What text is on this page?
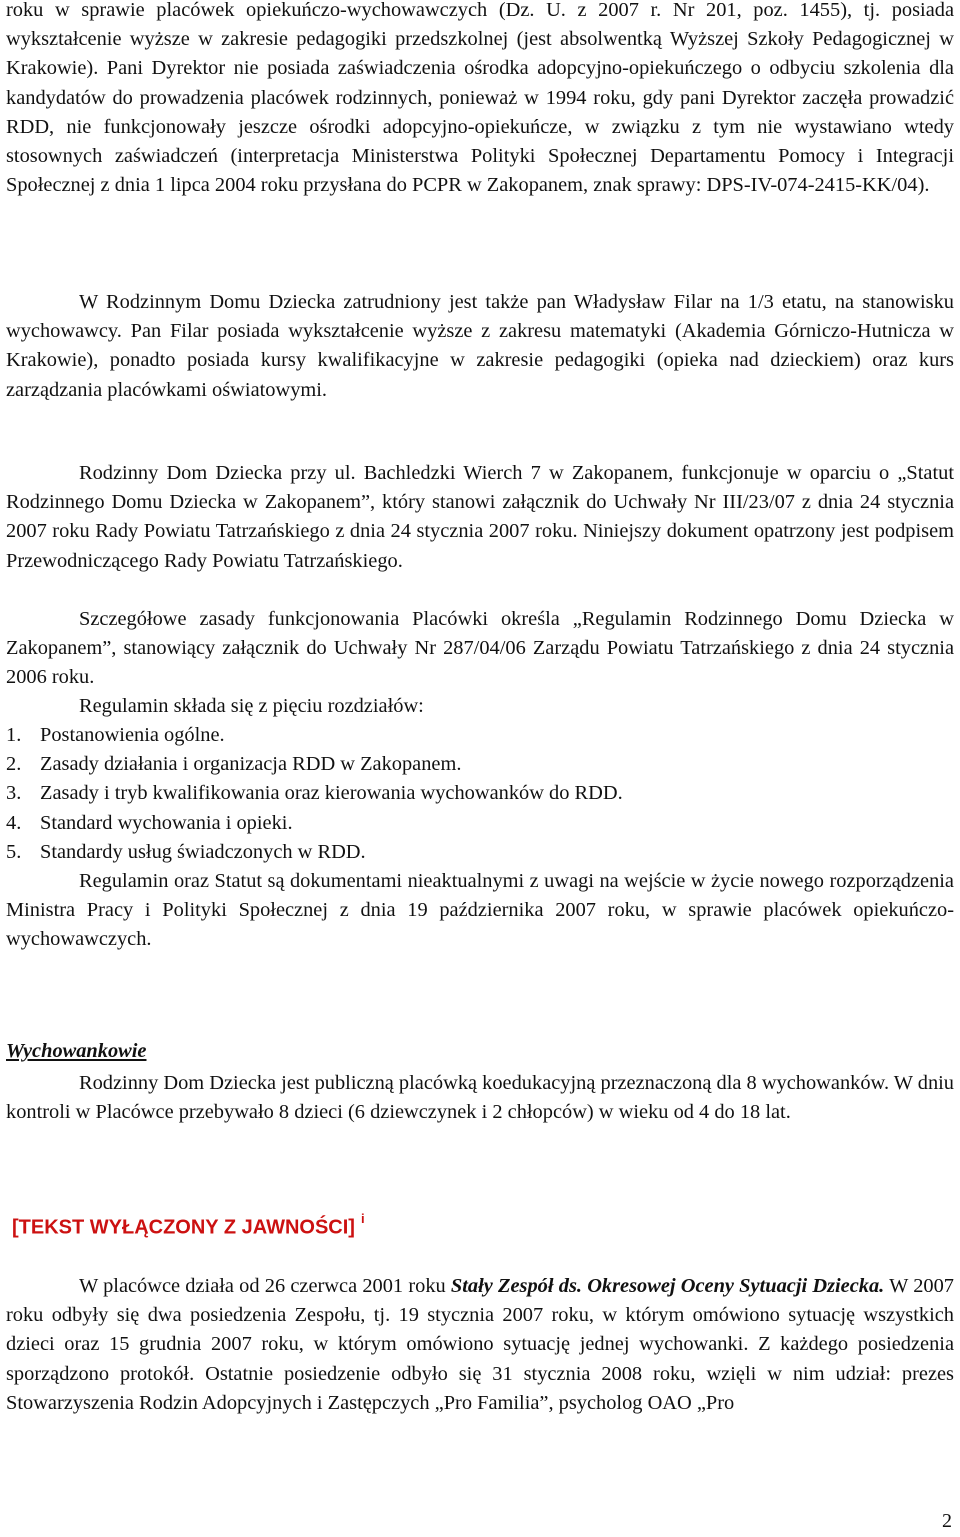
roku w sprawie placówek opiekuńczo-wychowawczych (Dz. U. z 2007 r. Nr 201, poz. 1455), tj. posiada wykształcenie wyższe w zakresie pedagogiki przedszkolnej (jest absolwentką Wyższej Szkoły Pedagogicznej w Krakowie). Pani Dyrektor nie posiada zaświadczenia ośrodka adopcyjno-opiekuńczego o odbyciu szkolenia dla kandydatów do prowadzenia placówek rodzinnych, ponieważ w 1994 roku, gdy pani Dyrektor zaczęła prowadzić RDD, nie funkcjonowały jeszcze ośrodki adopcyjno-opiekuńcze, w związku z tym nie wystawiano wtedy stosownych zaświadczeń (interpretacja Ministerstwa Polityki Społecznej Departamentu Pomocy i Integracji Społecznej z dnia 1 lipca 2004 roku przysłana do PCPR w Zakopanem, znak sprawy: DPS-IV-074-2415-KK/04).

W Rodzinnym Domu Dziecka zatrudniony jest także pan Władysław Filar na 1/3 etatu, na stanowisku wychowawcy. Pan Filar posiada wykształcenie wyższe z zakresu matematyki (Akademia Górniczo-Hutnicza w Krakowie), ponadto posiada kursy kwalifikacyjne w zakresie pedagogiki (opieka nad dzieckiem) oraz kurs zarządzania placówkami oświatowymi.

Rodzinny Dom Dziecka przy ul. Bachledzki Wierch 7 w Zakopanem, funkcjonuje w oparciu o „Statut Rodzinnego Domu Dziecka w Zakopanem”, który stanowi załącznik do Uchwały Nr III/23/07 z dnia 24 stycznia 2007 roku Rady Powiatu Tatrzańskiego z dnia 24 stycznia 2007 roku. Niniejszy dokument opatrzony jest podpisem Przewodniczącego Rady Powiatu Tatrzańskiego.

Szczegółowe zasady funkcjonowania Placówki określa „Regulamin Rodzinnego Domu Dziecka w Zakopanem”, stanowiący załącznik do Uchwały Nr 287/04/06 Zarządu Powiatu Tatrzańskiego z dnia 24 stycznia 2006 roku.

Regulamin składa się z pięciu rozdziałów:

1. Postanowienia ogólne.
2. Zasady działania i organizacja RDD w Zakopanem.
3. Zasady i tryb kwalifikowania oraz kierowania wychowanków do RDD.
4. Standard wychowania i opieki.
5. Standardy usług świadczonych w RDD.

Regulamin oraz Statut są dokumentami nieaktualnymi z uwagi na wejście w życie nowego rozporządzenia Ministra Pracy i Polityki Społecznej z dnia 19 października 2007 roku, w sprawie placówek opiekuńczo-wychowawczych.

Wychowankowie

Rodzinny Dom Dziecka jest publiczną placówką koedukacyjną przeznaczoną dla 8 wychowanków. W dniu kontroli w Placówce przebywało 8 dzieci (6 dziewczynek i 2 chłopców) w wieku od 4 do 18 lat.

[TEKST WYŁĄCZONY Z JAWNOŚCI] $^i$

W placówce działa od 26 czerwca 2001 roku Stały Zespół ds. Okresowej Oceny Sytuacji Dziecka. W 2007 roku odbyły się dwa posiedzenia Zespołu, tj. 19 stycznia 2007 roku, w którym omówiono sytuację wszystkich dzieci oraz 15 grudnia 2007 roku, w którym omówiono sytuację jednej wychowanki. Z każdego posiedzenia sporządzono protokół. Ostatnie posiedzenie odbyło się 31 stycznia 2008 roku, wzięli w nim udział: prezes Stowarzyszenia Rodzin Adopcyjnych i Zastępczych „Pro Familia”, psycholog OAO „Pro

2
